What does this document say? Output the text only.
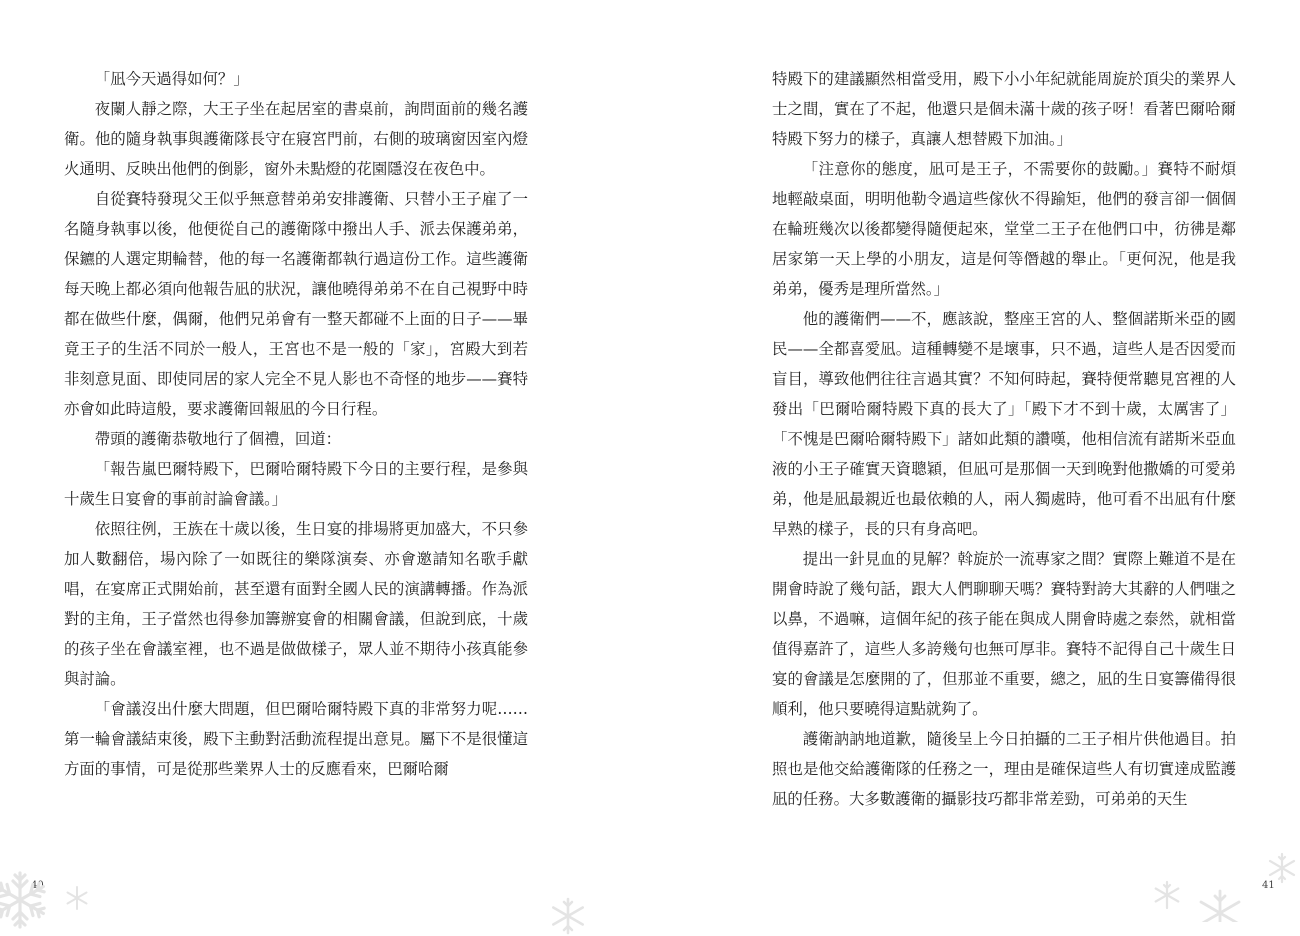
「凪今天過得如何？」

夜闌人靜之際，大王子坐在起居室的書桌前，詢問面前的幾名護衛。他的隨身執事與護衛隊長守在寢宮門前，右側的玻璃窗因室內燈火通明、反映出他們的倒影，窗外未點燈的花園隱沒在夜色中。

自從賽特發現父王似乎無意替弟弟安排護衛、只替小王子雇了一名隨身執事以後，他便從自己的護衛隊中撥出人手、派去保護弟弟，保鑣的人選定期輪替，他的每一名護衛都執行過這份工作。這些護衛每天晚上都必須向他報告凪的狀況，讓他曉得弟弟不在自己視野中時都在做些什麼，偶爾，他們兄弟會有一整天都碰不上面的日子——畢竟王子的生活不同於一般人，王宮也不是一般的「家」，宮殿大到若非刻意見面、即使同居的家人完全不見人影也不奇怪的地步——賽特亦會如此時這般，要求護衛回報凪的今日行程。

帶頭的護衛恭敬地行了個禮，回道：

「報告嵐巴爾特殿下，巴爾哈爾特殿下今日的主要行程，是參與十歲生日宴會的事前討論會議。」

依照往例，王族在十歲以後，生日宴的排場將更加盛大，不只參加人數翻倍，場內除了一如既往的樂隊演奏、亦會邀請知名歌手獻唱，在宴席正式開始前，甚至還有面對全國人民的演講轉播。作為派對的主角，王子當然也得參加籌辦宴會的相關會議，但說到底，十歲的孩子坐在會議室裡，也不過是做做樣子，眾人並不期待小孩真能參與討論。

「會議沒出什麼大問題，但巴爾哈爾特殿下真的非常努力呢……第一輪會議結束後，殿下主動對活動流程提出意見。屬下不是很懂這方面的事情，可是從那些業界人士的反應看來，巴爾哈爾

40

特殿下的建議顯然相當受用，殿下小小年紀就能周旋於頂尖的業界人士之間，實在了不起，他還只是個未滿十歲的孩子呀！看著巴爾哈爾特殿下努力的樣子，真讓人想替殿下加油。」

「注意你的態度，凪可是王子，不需要你的鼓勵。」賽特不耐煩地輕敲桌面，明明他勒令過這些傢伙不得踰矩，他們的發言卻一個個在輪班幾次以後都變得隨便起來，堂堂二王子在他們口中，彷彿是鄰居家第一天上學的小朋友，這是何等僭越的舉止。「更何況，他是我弟弟，優秀是理所當然。」

他的護衛們——不，應該說，整座王宮的人、整個諾斯米亞的國民——全都喜愛凪。這種轉變不是壞事，只不過，這些人是否因愛而盲目，導致他們往往言過其實？不知何時起，賽特便常聽見宮裡的人發出「巴爾哈爾特殿下真的長大了」「殿下才不到十歲，太厲害了」「不愧是巴爾哈爾特殿下」諸如此類的讚嘆，他相信流有諾斯米亞血液的小王子確實天資聰穎，但凪可是那個一天到晚對他撒嬌的可愛弟弟，他是凪最親近也最依賴的人，兩人獨處時，他可看不出凪有什麼早熟的樣子，長的只有身高吧。

提出一針見血的見解？斡旋於一流專家之間？實際上難道不是在開會時說了幾句話，跟大人們聊聊天嗎？賽特對誇大其辭的人們嗤之以鼻，不過嘛，這個年紀的孩子能在與成人開會時處之泰然，就相當值得嘉許了，這些人多誇幾句也無可厚非。賽特不記得自己十歲生日宴的會議是怎麼開的了，但那並不重要，總之，凪的生日宴籌備得很順利，他只要曉得這點就夠了。

護衛訥訥地道歉，隨後呈上今日拍攝的二王子相片供他過目。拍照也是他交給護衛隊的任務之一，理由是確保這些人有切實達成監護凪的任務。大多數護衛的攝影技巧都非常差勁，可弟弟的天生

41
